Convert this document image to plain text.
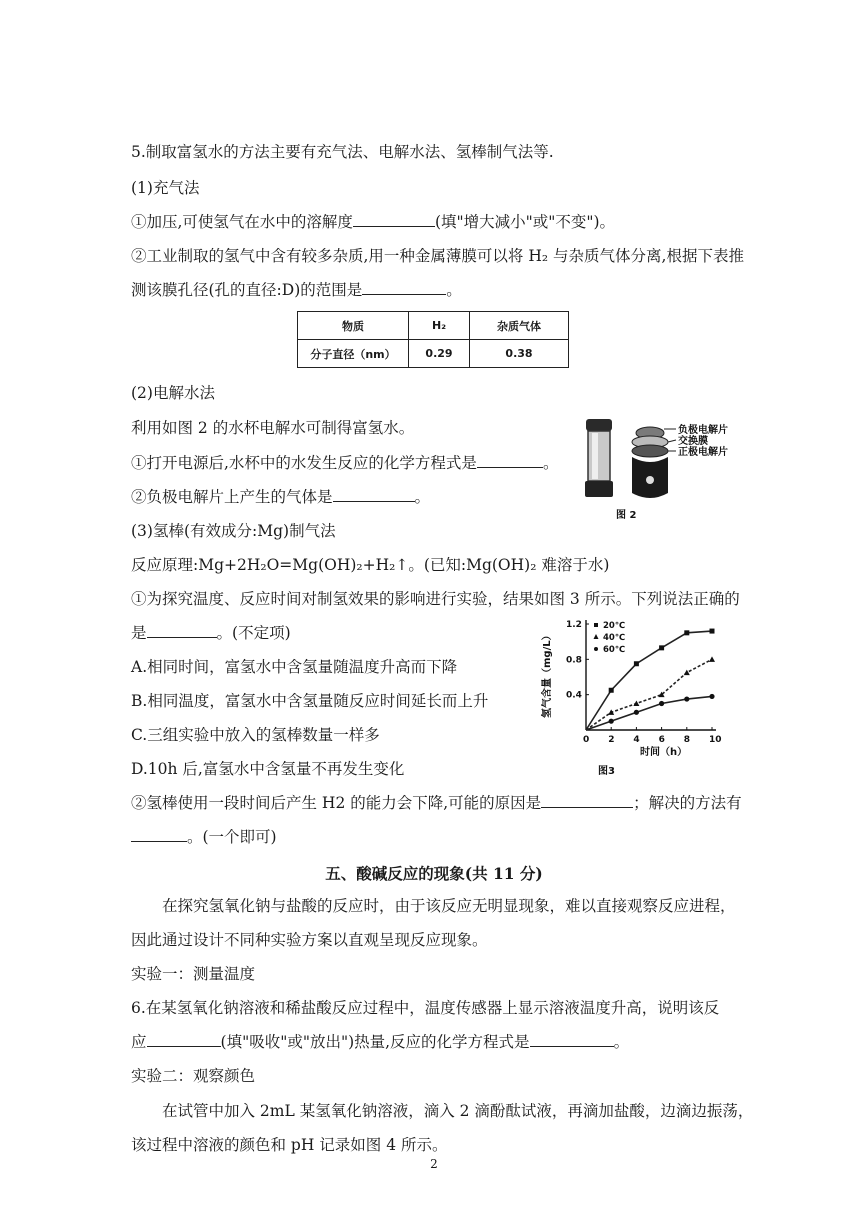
5.制取富氢水的方法主要有充气法、电解水法、氢棒制气法等.
(1)充气法
①加压,可使氢气在水中的溶解度	(填"增大减小"或"不变")。
②工业制取的氢气中含有较多杂质,用一种金属薄膜可以将 H₂ 与杂质气体分离,根据下表推
测该膜孔径(孔的直径:D)的范围是	。
物质	H₂	杂质气体
分子直径（nm）	0.29	0.38
(2)电解水法
利用如图 2 的水杯电解水可制得富氢水。
①打开电源后,水杯中的水发生反应的化学方程式是	。
②负极电解片上产生的气体是	。
负极电解片
交换膜
正极电解片
图 2
(3)氢棒(有效成分:Mg)制气法
反应原理:Mg+2H₂O=Mg(OH)₂+H₂↑。(已知:Mg(OH)₂ 难溶于水)
①为探究温度、反应时间对制氢效果的影响进行实验，结果如图 3 所示。下列说法正确的
是	。(不定项)
A.相同时间，富氢水中含氢量随温度升高而下降
B.相同温度，富氢水中含氢量随反应时间延长而上升
C.三组实验中放入的氢棒数量一样多
D.10h 后,富氢水中含氢量不再发生变化
0 2 4 6 8 10
0.4
0.8
1.2 20℃
40℃
60℃
氢气含量（mg/L）
时间（h）
图3
②氢棒使用一段时间后产生 H2 的能力会下降,可能的原因是	；解决的方法有
。(一个即可)
五、酸碱反应的现象(共 11 分)
在探究氢氧化钠与盐酸的反应时，由于该反应无明显现象，难以直接观察反应进程，
因此通过设计不同种实验方案以直观呈现反应现象。
实验一：测量温度
6.在某氢氧化钠溶液和稀盐酸反应过程中，温度传感器上显示溶液温度升高，说明该反
应	(填"吸收"或"放出")热量,反应的化学方程式是	。
实验二：观察颜色
在试管中加入 2mL 某氢氧化钠溶液，滴入 2 滴酚酞试液，再滴加盐酸，边滴边振荡，
该过程中溶液的颜色和 pH 记录如图 4 所示。
2
